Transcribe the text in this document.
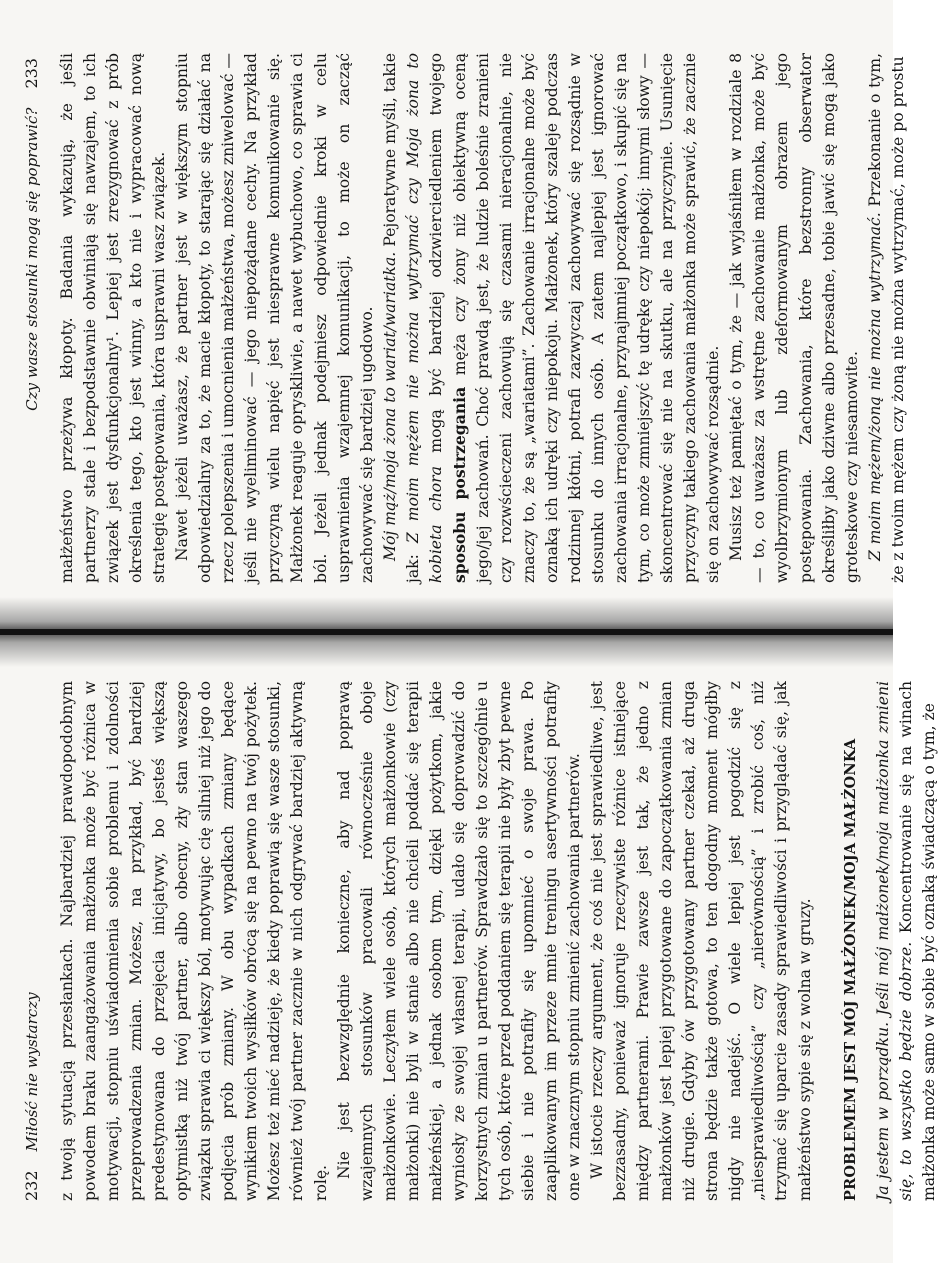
232    Miłość nie wystarczy z twoją sytuacją przesłankach. Najbardziej prawdopodobnym powodem braku zaangażowania małżonka może być różnica w motywacji, stopniu uświadomienia sobie problemu i zdolności przeprowadzenia zmian. Możesz, na przykład, być bardziej predestynowana do przejęcia inicjatywy, bo jesteś większą optymistką niż twój partner, albo obecny, zły stan waszego związku sprawia ci większy ból, motywując cię silniej niż jego do podjęcia prób zmiany. W obu wypadkach zmiany będące wynikiem twoich wysiłków obrócą się na pewno na twój pożytek. Możesz też mieć nadzieję, że kiedy poprawią się wasze stosunki, również twój partner zacznie w nich odgrywać bardziej aktywną rolę.

Nie jest bezwzględnie konieczne, aby nad poprawą wzajemnych stosunków pracowali równocześnie oboje małżonkowie. Leczyłem wiele osób, których małżonkowie (czy małżonki) nie byli w stanie albo nie chcieli poddać się terapii małżeńskiej, a jednak osobom tym, dzięki pożytkom, jakie wyniosły ze swojej własnej terapii, udało się doprowadzić do korzystnych zmian u partnerów. Sprawdzało się to szczególnie u tych osób, które przed poddaniem się terapii nie były zbyt pewne siebie i nie potrafiły się upomnieć o swoje prawa. Po zaaplikowanym im przeze mnie treningu asertywności potrafiły one w znacznym stopniu zmienić zachowania partnerów. W istocie rzeczy argument, że coś nie jest sprawiedliwe, jest bezzasadny, ponieważ ignoruje rzeczywiste różnice istniejące między partnerami. Prawie zawsze jest tak, że jedno z małżonków jest lepiej przygotowane do zapoczątkowania zmian niż drugie. Gdyby ów przygotowany partner czekał, aż druga strona będzie także gotowa, to ten dogodny moment mógłby nigdy nie nadejść. O wiele lepiej jest pogodzić się z „niesprawiedliwością” czy „nierównością” i zrobić coś, niż trzymać się uparcie zasady sprawiedliwości i przyglądać się, jak małżeństwo sypie się z wolna w gruzy. PROBLEMEM JEST MÓJ MAŁŻONEK/MOJA MAŁŻONKA Ja jestem w porządku. Jeśli mój małżonek/moja małżonka zmieni się, to wszystko będzie dobrze. Koncentrowanie się na winach małżonka może samo w sobie być oznaką świadczącą o tym, że

Czy wasze stosunki mogą się poprawić?    233 małżeństwo przeżywa kłopoty. Badania wykazują, że jeśli partnerzy stale i bezpodstawnie obwiniają się nawzajem, to ich związek jest dysfunkcjonalny¹. Lepiej jest zrezygnować z prób określenia tego, kto jest winny, a kto nie i wypracować nową strategię postępowania, która usprawni wasz związek. Nawet jeżeli uważasz, że partner jest w większym stopniu odpowiedzialny za to, że macie kłopoty, to starając się działać na rzecz polepszenia i umocnienia małżeństwa, możesz zniwelować — jeśli nie wyeliminować — jego niepożądane cechy. Na przykład przyczyną wielu napięć jest niesprawne komunikowanie się. Małżonek reaguje opryskliwie, a nawet wybuchowo, co sprawia ci ból. Jeżeli jednak podejmiesz odpowiednie kroki w celu usprawnienia wzajemnej komunikacji, to może on zacząć zachowywać się bardziej ugodowo. Mój mąż/moja żona to wariat/wariatka. Pejoratywne myśli, takie jak: Z moim mężem nie można wytrzymać czy Moja żona to kobieta chora mogą być bardziej odzwierciedleniem twojego sposobu postrzegania męża czy żony niż obiektywną oceną jego/jej zachowań. Choć prawdą jest, że ludzie boleśnie zranieni czy rozwścieczeni zachowują się czasami nieracjonalnie, nie znaczy to, że są „wariatami”. Zachowanie irracjonalne może być oznaką ich udręki czy niepokoju. Małżonek, który szaleje podczas rodzinnej kłótni, potrafi zazwyczaj zachowywać się rozsądnie w stosunku do innych osób. A zatem najlepiej jest ignorować zachowania irracjonalne, przynajmniej początkowo, i skupić się na tym, co może zmniejszyć tę udrękę czy niepokój; innymi słowy — skoncentrować się nie na skutku, ale na przyczynie. Usunięcie przyczyny takiego zachowania małżonka może sprawić, że zacznie się on zachowywać rozsądnie. Musisz też pamiętać o tym, że — jak wyjaśniłem w rozdziale 8 — to, co uważasz za wstrętne zachowanie małżonka, może być wyolbrzymionym lub zdeformowanym obrazem jego postępowania. Zachowania, które bezstronny obserwator określiłby jako dziwne albo przesadne, tobie jawić się mogą jako groteskowe czy niesamowite. Z moim mężem/żoną nie można wytrzymać. Przekonanie o tym, że z twoim mężem czy żoną nie można wytrzymać, może po prostu
